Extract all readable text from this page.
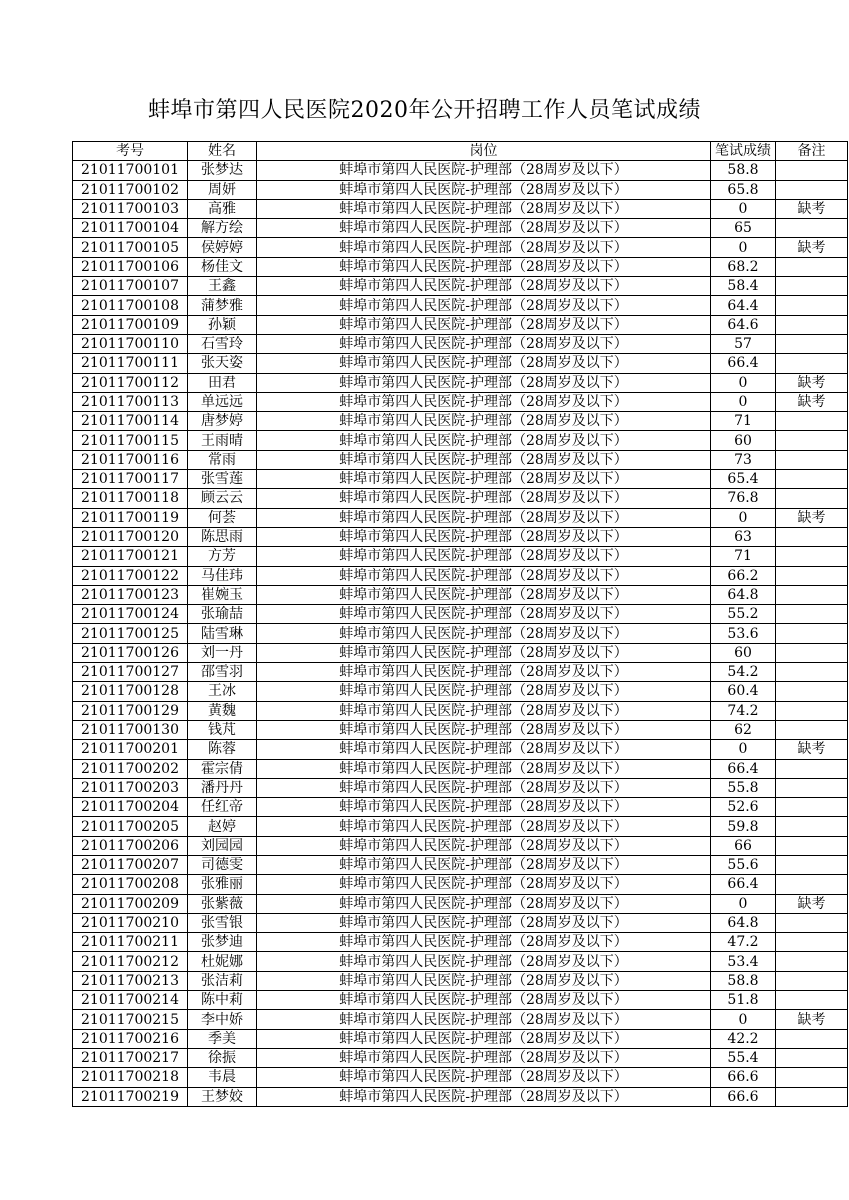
蚌埠市第四人民医院2020年公开招聘工作人员笔试成绩
考号	姓名	岗位	笔试成绩	备注
21011700101	张梦达	蚌埠市第四人民医院-护理部（28周岁及以下）	58.8	
21011700102	周妍	蚌埠市第四人民医院-护理部（28周岁及以下）	65.8	
21011700103	高雅	蚌埠市第四人民医院-护理部（28周岁及以下）	0	缺考
21011700104	解方绘	蚌埠市第四人民医院-护理部（28周岁及以下）	65	
21011700105	侯婷婷	蚌埠市第四人民医院-护理部（28周岁及以下）	0	缺考
21011700106	杨佳文	蚌埠市第四人民医院-护理部（28周岁及以下）	68.2	
21011700107	王鑫	蚌埠市第四人民医院-护理部（28周岁及以下）	58.4	
21011700108	蒲梦雅	蚌埠市第四人民医院-护理部（28周岁及以下）	64.4	
21011700109	孙颖	蚌埠市第四人民医院-护理部（28周岁及以下）	64.6	
21011700110	石雪玲	蚌埠市第四人民医院-护理部（28周岁及以下）	57	
21011700111	张天姿	蚌埠市第四人民医院-护理部（28周岁及以下）	66.4	
21011700112	田君	蚌埠市第四人民医院-护理部（28周岁及以下）	0	缺考
21011700113	单远远	蚌埠市第四人民医院-护理部（28周岁及以下）	0	缺考
21011700114	唐梦婷	蚌埠市第四人民医院-护理部（28周岁及以下）	71	
21011700115	王雨晴	蚌埠市第四人民医院-护理部（28周岁及以下）	60	
21011700116	常雨	蚌埠市第四人民医院-护理部（28周岁及以下）	73	
21011700117	张雪莲	蚌埠市第四人民医院-护理部（28周岁及以下）	65.4	
21011700118	顾云云	蚌埠市第四人民医院-护理部（28周岁及以下）	76.8	
21011700119	何荟	蚌埠市第四人民医院-护理部（28周岁及以下）	0	缺考
21011700120	陈思雨	蚌埠市第四人民医院-护理部（28周岁及以下）	63	
21011700121	方芳	蚌埠市第四人民医院-护理部（28周岁及以下）	71	
21011700122	马佳玮	蚌埠市第四人民医院-护理部（28周岁及以下）	66.2	
21011700123	崔婉玉	蚌埠市第四人民医院-护理部（28周岁及以下）	64.8	
21011700124	张瑜喆	蚌埠市第四人民医院-护理部（28周岁及以下）	55.2	
21011700125	陆雪琳	蚌埠市第四人民医院-护理部（28周岁及以下）	53.6	
21011700126	刘一丹	蚌埠市第四人民医院-护理部（28周岁及以下）	60	
21011700127	邵雪羽	蚌埠市第四人民医院-护理部（28周岁及以下）	54.2	
21011700128	王冰	蚌埠市第四人民医院-护理部（28周岁及以下）	60.4	
21011700129	黄魏	蚌埠市第四人民医院-护理部（28周岁及以下）	74.2	
21011700130	钱芃	蚌埠市第四人民医院-护理部（28周岁及以下）	62	
21011700201	陈蓉	蚌埠市第四人民医院-护理部（28周岁及以下）	0	缺考
21011700202	霍宗倩	蚌埠市第四人民医院-护理部（28周岁及以下）	66.4	
21011700203	潘丹丹	蚌埠市第四人民医院-护理部（28周岁及以下）	55.8	
21011700204	任红帝	蚌埠市第四人民医院-护理部（28周岁及以下）	52.6	
21011700205	赵婷	蚌埠市第四人民医院-护理部（28周岁及以下）	59.8	
21011700206	刘园园	蚌埠市第四人民医院-护理部（28周岁及以下）	66	
21011700207	司德雯	蚌埠市第四人民医院-护理部（28周岁及以下）	55.6	
21011700208	张雅丽	蚌埠市第四人民医院-护理部（28周岁及以下）	66.4	
21011700209	张紫薇	蚌埠市第四人民医院-护理部（28周岁及以下）	0	缺考
21011700210	张雪银	蚌埠市第四人民医院-护理部（28周岁及以下）	64.8	
21011700211	张梦迪	蚌埠市第四人民医院-护理部（28周岁及以下）	47.2	
21011700212	杜妮娜	蚌埠市第四人民医院-护理部（28周岁及以下）	53.4	
21011700213	张洁莉	蚌埠市第四人民医院-护理部（28周岁及以下）	58.8	
21011700214	陈中莉	蚌埠市第四人民医院-护理部（28周岁及以下）	51.8	
21011700215	李中娇	蚌埠市第四人民医院-护理部（28周岁及以下）	0	缺考
21011700216	季美	蚌埠市第四人民医院-护理部（28周岁及以下）	42.2	
21011700217	徐振	蚌埠市第四人民医院-护理部（28周岁及以下）	55.4	
21011700218	韦晨	蚌埠市第四人民医院-护理部（28周岁及以下）	66.6	
21011700219	王梦姣	蚌埠市第四人民医院-护理部（28周岁及以下）	66.6	
